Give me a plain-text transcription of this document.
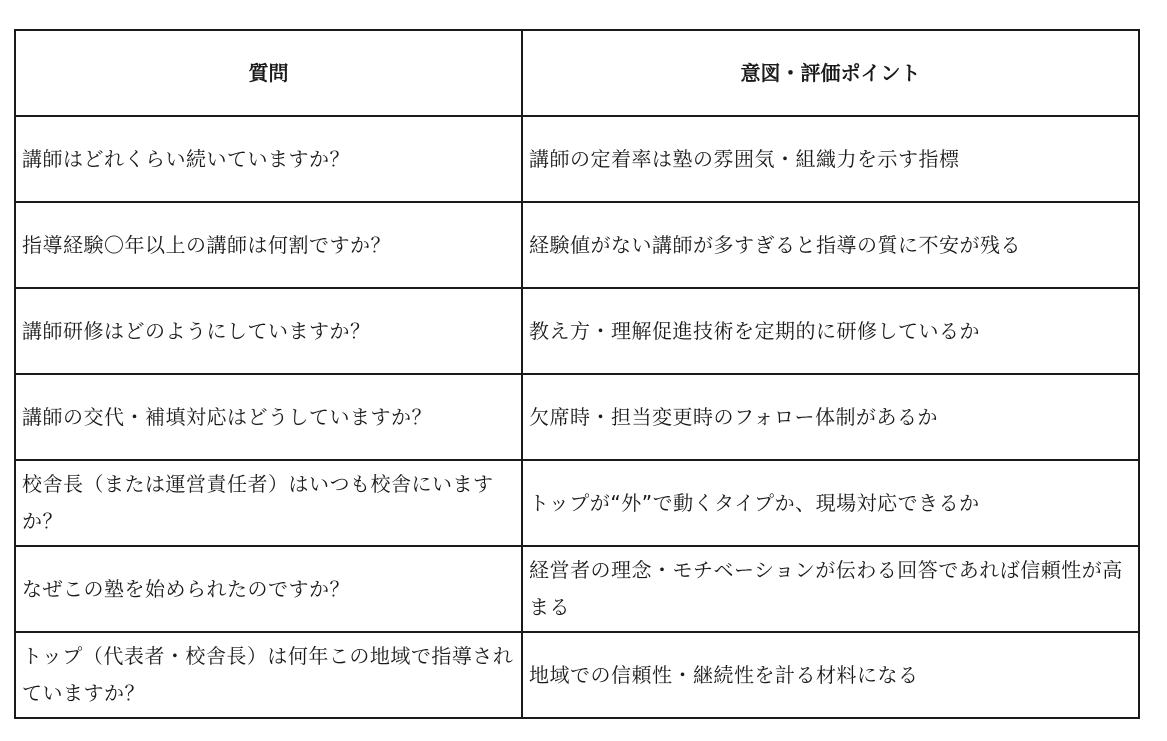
質問	意図・評価ポイント
講師はどれくらい続いていますか？	講師の定着率は塾の雰囲気・組織力を示す指標
指導経験〇年以上の講師は何割ですか？	経験値がない講師が多すぎると指導の質に不安が残る
講師研修はどのようにしていますか？	教え方・理解促進技術を定期的に研修しているか
講師の交代・補填対応はどうしていますか？	欠席時・担当変更時のフォロー体制があるか
校舎長（または運営責任者）はいつも校舎にいますか？	トップが“外”で動くタイプか、現場対応できるか
なぜこの塾を始められたのですか？	経営者の理念・モチベーションが伝わる回答であれば信頼性が高まる
トップ（代表者・校舎長）は何年この地域で指導されていますか？	地域での信頼性・継続性を計る材料になる
